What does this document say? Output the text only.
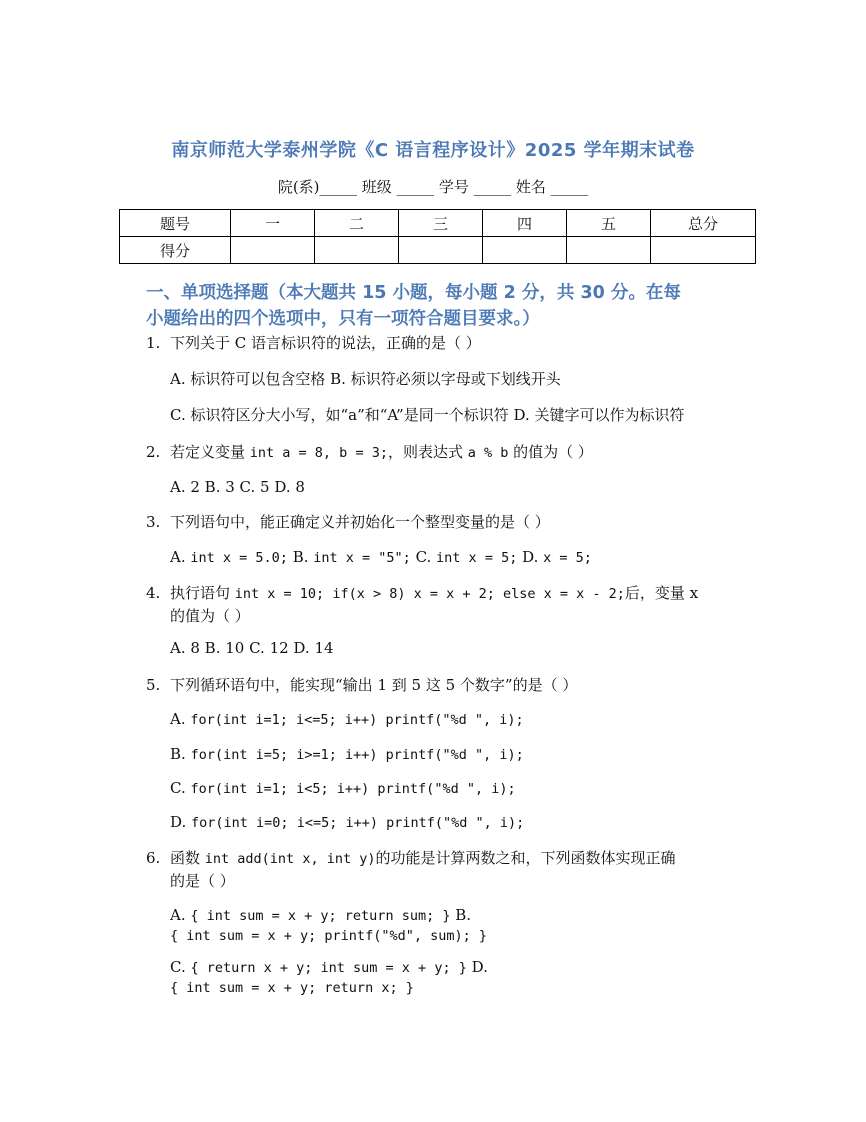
南京师范大学泰州学院《C 语言程序设计》2025 学年期末试卷
院(系)_____ 班级 _____ 学号 _____ 姓名 _____
题号	一	二	三	四	五	总分
得分						
一、单项选择题（本大题共 15 小题，每小题 2 分，共 30 分。在每
小题给出的四个选项中，只有一项符合题目要求。）
1. 下列关于 C 语言标识符的说法，正确的是（ ）
A. 标识符可以包含空格 B. 标识符必须以字母或下划线开头
C. 标识符区分大小写，如“a”和“A”是同一个标识符 D. 关键字可以作为标识符
2. 若定义变量 int a = 8, b = 3;，则表达式 a % b 的值为（ ）
A. 2 B. 3 C. 5 D. 8
3. 下列语句中，能正确定义并初始化一个整型变量的是（ ）
A. int x = 5.0; B. int x = "5"; C. int x = 5; D. x = 5;
4. 执行语句 int x = 10; if(x > 8) x = x + 2; else x = x - 2;后，变量 x
的值为（ ）
A. 8 B. 10 C. 12 D. 14
5. 下列循环语句中，能实现“输出 1 到 5 这 5 个数字”的是（ ）
A. for(int i=1; i<=5; i++) printf("%d ", i);
B. for(int i=5; i>=1; i++) printf("%d ", i);
C. for(int i=1; i<5; i++) printf("%d ", i);
D. for(int i=0; i<=5; i++) printf("%d ", i);
6. 函数 int add(int x, int y)的功能是计算两数之和，下列函数体实现正确
的是（ ）
A. { int sum = x + y; return sum; } B.
{ int sum = x + y; printf("%d", sum); }
C. { return x + y; int sum = x + y; } D.
{ int sum = x + y; return x; }
